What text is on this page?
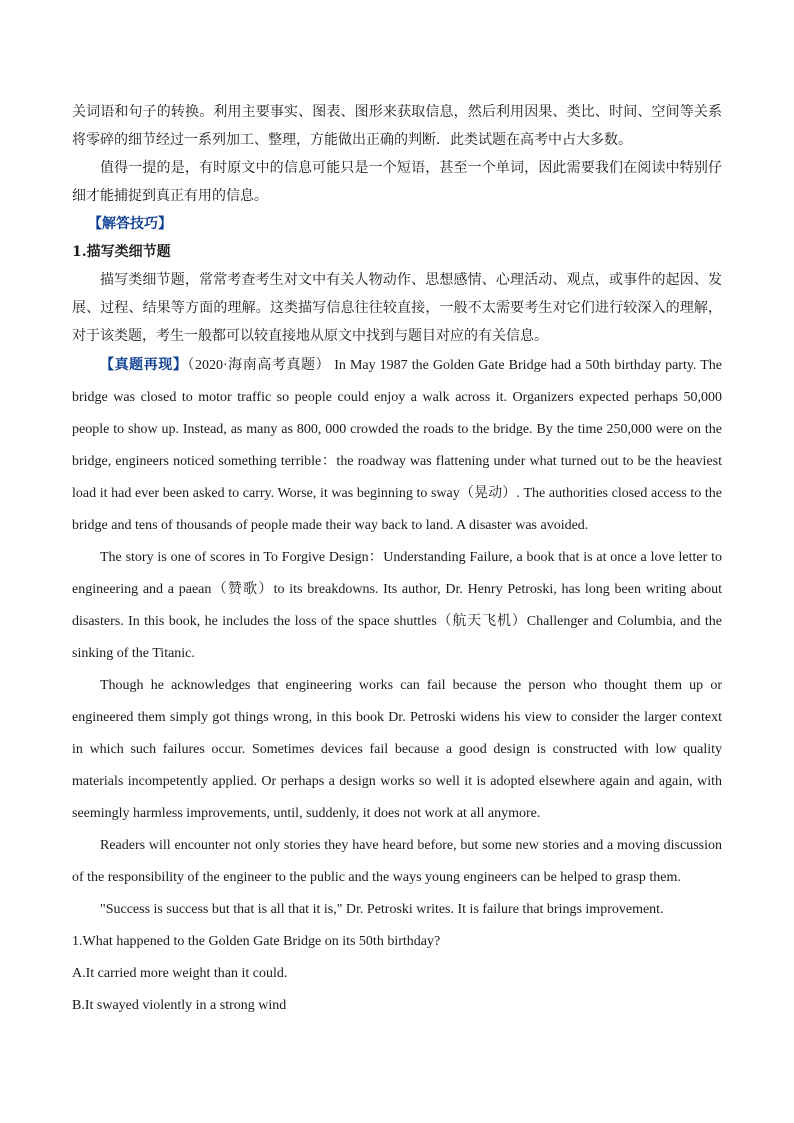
关词语和句子的转换。利用主要事实、图表、图形来获取信息，然后利用因果、类比、时间、空间等关系将零碎的细节经过一系列加工、整理，方能做出正确的判断．此类试题在高考中占大多数。

值得一提的是，有时原文中的信息可能只是一个短语，甚至一个单词，因此需要我们在阅读中特别仔细才能捕捉到真正有用的信息。

【解答技巧】

1.描写类细节题

描写类细节题，常常考查考生对文中有关人物动作、思想感情、心理活动、观点，或事件的起因、发展、过程、结果等方面的理解。这类描写信息往往较直接，一般不太需要考生对它们进行较深入的理解，对于该类题，考生一般都可以较直接地从原文中找到与题目对应的有关信息。

【真题再现】（2020·海南高考真题） In May 1987 the Golden Gate Bridge had a 50th birthday party. The bridge was closed to motor traffic so people could enjoy a walk across it. Organizers expected perhaps 50,000 people to show up. Instead, as many as 800, 000 crowded the roads to the bridge. By the time 250,000 were on the bridge, engineers noticed something terrible：the roadway was flattening under what turned out to be the heaviest load it had ever been asked to carry. Worse, it was beginning to sway（晃动）. The authorities closed access to the bridge and tens of thousands of people made their way back to land. A disaster was avoided.

The story is one of scores in To Forgive Design：Understanding Failure, a book that is at once a love letter to engineering and a paean（赞歌）to its breakdowns. Its author, Dr. Henry Petroski, has long been writing about disasters. In this book, he includes the loss of the space shuttles（航天飞机）Challenger and Columbia, and the sinking of the Titanic.

Though he acknowledges that engineering works can fail because the person who thought them up or engineered them simply got things wrong, in this book Dr. Petroski widens his view to consider the larger context in which such failures occur. Sometimes devices fail because a good design is constructed with low quality materials incompetently applied. Or perhaps a design works so well it is adopted elsewhere again and again, with seemingly harmless improvements, until, suddenly, it does not work at all anymore.

Readers will encounter not only stories they have heard before, but some new stories and a moving discussion of the responsibility of the engineer to the public and the ways young engineers can be helped to grasp them.

"Success is success but that is all that it is," Dr. Petroski writes. It is failure that brings improvement.

1.What happened to the Golden Gate Bridge on its 50th birthday?

A.It carried more weight than it could.

B.It swayed violently in a strong wind
